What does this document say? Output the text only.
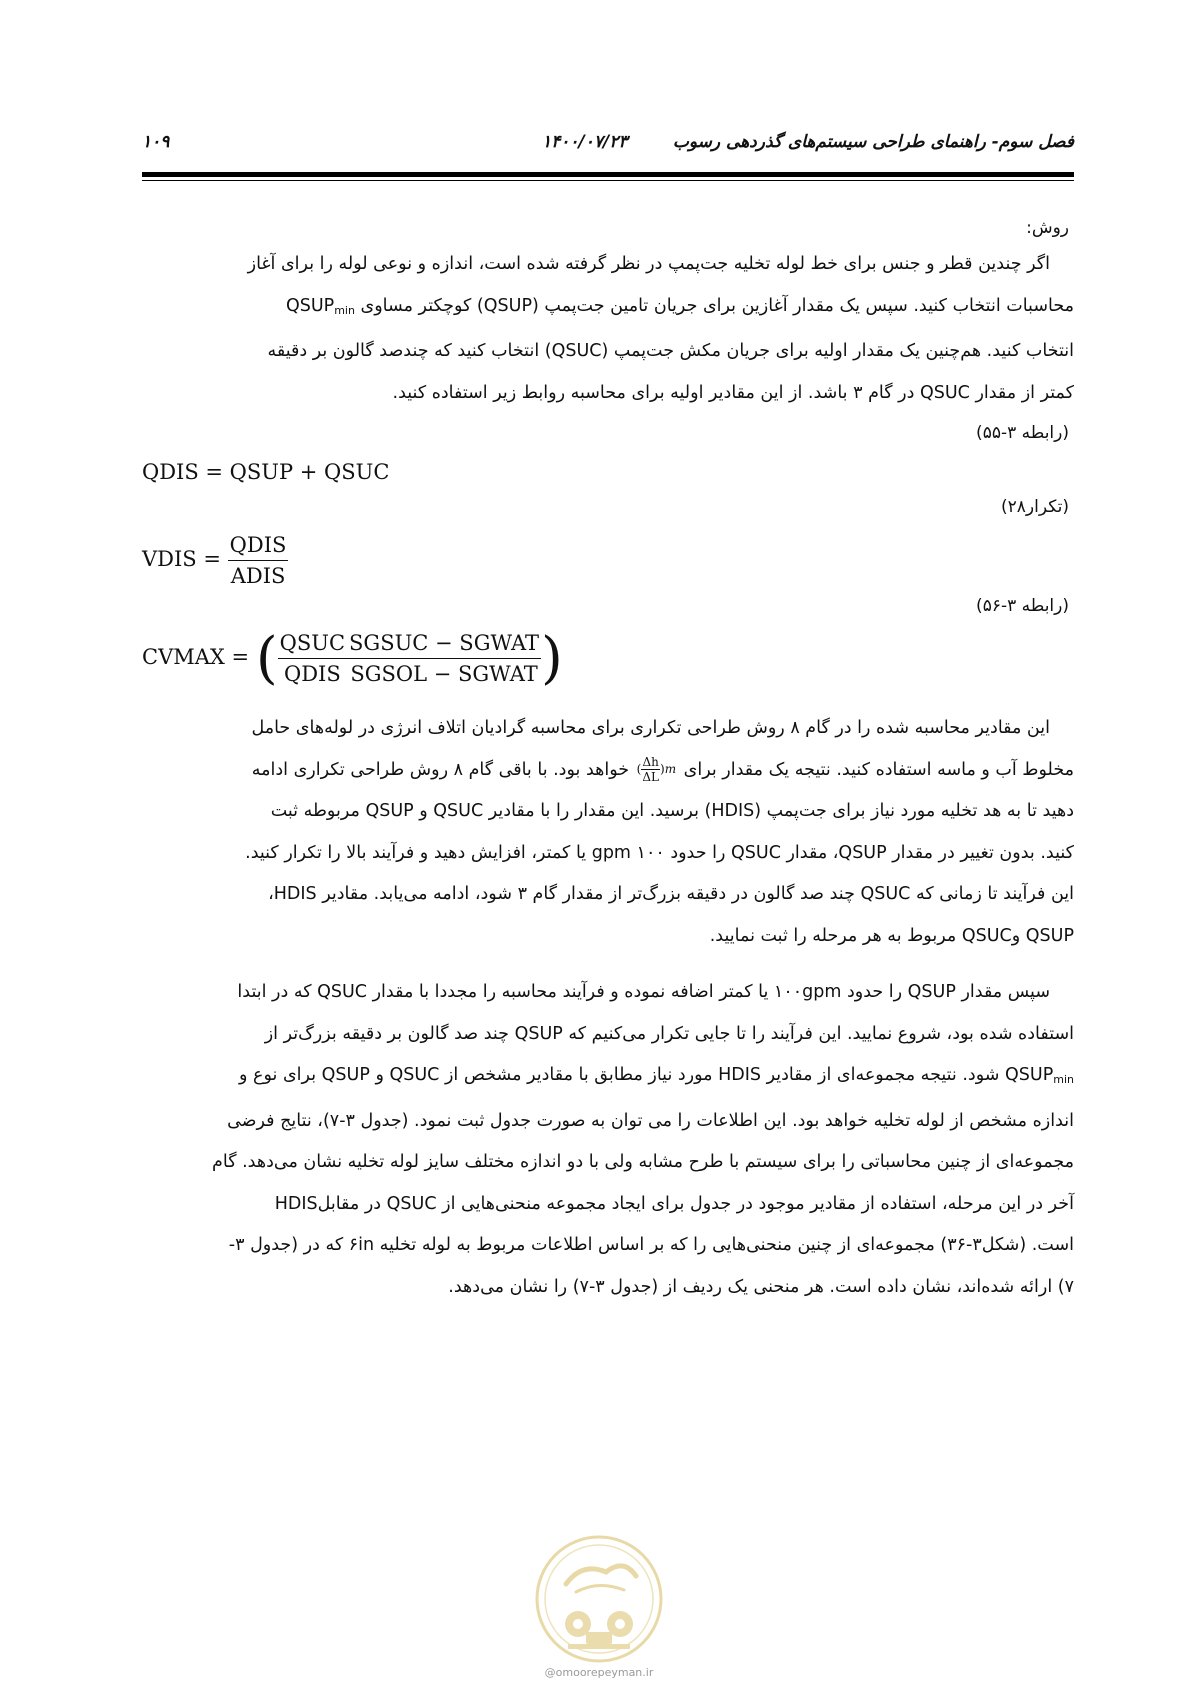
فصل سوم- راهنمای طراحی سیستم‌های گذردهی رسوب
۱۴۰۰/۰۷/۲۳
۱۰۹
روش:

اگر چندین قطر و جنس برای خط لوله تخلیه جت‌پمپ در نظر گرفته شده است، اندازه و نوعی لوله را برای آغاز

محاسبات انتخاب کنید. سپس یک مقدار آغازین برای جریان تامین جت‌پمپ (QSUP) کوچکتر مساوی $QSUP_{min}$

انتخاب کنید. هم‌چنین یک مقدار اولیه برای جریان مکش جت‌پمپ (QSUC) انتخاب کنید که چندصد گالون بر دقیقه

کمتر از مقدار QSUC در گام ۳ باشد. از این مقادیر اولیه برای محاسبه روابط زیر استفاده کنید.

(رابطه ۳-۵۵)
QDIS = QSUP + QSUC
(تکرار۲۸)
VDIS = $\frac{\text{QDIS}}{\text{ADIS}}$
(رابطه ۳-۵۶)
CVMAX = ( $\frac{\text{QSUC}}{\text{QDIS}} \frac{\text{SGSUC − SGWAT}}{\text{SGSOL − SGWAT}}$ )

این مقادیر محاسبه شده را در گام ۸ روش طراحی تکراری برای محاسبه گرادیان اتلاف انرژی در لوله‌های حامل

مخلوط آب و ماسه استفاده کنید. نتیجه یک مقدار برای ( $\frac{\Delta h}{\Delta L} )m$ خواهد بود. با باقی گام ۸ روش طراحی تکراری ادامه

دهید تا به هد تخلیه مورد نیاز برای جت‌پمپ (HDIS) برسید. این مقدار را با مقادیر QSUC و QSUP مربوطه ثبت

کنید. بدون تغییر در مقدار QSUP، مقدار QSUC را حدود gpm ۱۰۰ یا کمتر، افزایش دهید و فرآیند بالا را تکرار کنید.

این فرآیند تا زمانی که QSUC چند صد گالون در دقیقه بزرگ‌تر از مقدار گام ۳ شود، ادامه می‌یابد. مقادیر HDIS،

QSUP وQSUC مربوط به هر مرحله را ثبت نمایید.

سپس مقدار QSUP را حدود ۱۰۰gpm یا کمتر اضافه نموده و فرآیند محاسبه را مجددا با مقدار QSUC که در ابتدا

استفاده شده بود، شروع نمایید. این فرآیند را تا جایی تکرار می‌کنیم که QSUP چند صد گالون بر دقیقه بزرگ‌تر از

$QSUP_{min}$ شود. نتیجه مجموعه‌ای از مقادیر HDIS مورد نیاز مطابق با مقادیر مشخص از QSUC و QSUP برای نوع و

اندازه مشخص از لوله تخلیه خواهد بود. این اطلاعات را می توان به صورت جدول ثبت نمود. (جدول ۳-۷)، نتایج فرضی

مجموعه‌ای از چنین محاسباتی را برای سیستم با طرح مشابه ولی با دو اندازه مختلف سایز لوله تخلیه نشان می‌دهد. گام

آخر در این مرحله، استفاده از مقادیر موجود در جدول برای ایجاد مجموعه منحنی‌هایی از QSUC در مقابلHDIS

است. (شکل۳-۳۶) مجموعه‌ای از چنین منحنی‌هایی را که بر اساس اطلاعات مربوط به لوله تخلیه ۶in که در (جدول ۳-

۷) ارائه شده‌اند، نشان داده است. هر منحنی یک ردیف از (جدول ۳-۷) را نشان می‌دهد.

@omoorepeyman.ir
